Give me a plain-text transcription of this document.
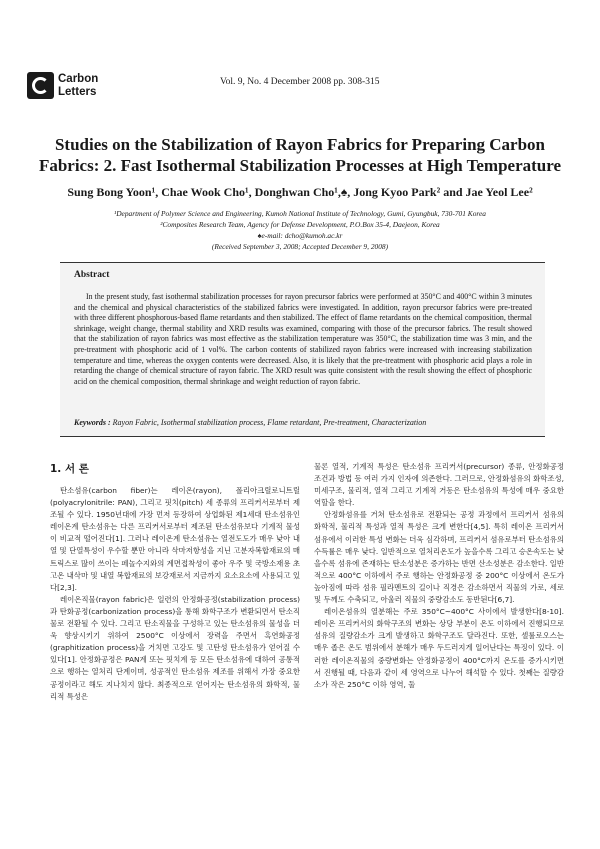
Carbon
Letters
Vol. 9, No. 4 December 2008 pp. 308-315
Studies on the Stabilization of Rayon Fabrics for Preparing Carbon
Fabrics: 2. Fast Isothermal Stabilization Processes at High Temperature
Sung Bong Yoon¹, Chae Wook Cho¹, Donghwan Cho¹,♠, Jong Kyoo Park² and Jae Yeol Lee²
¹Department of Polymer Science and Engineering, Kumoh National Institute of Technology, Gumi, Gyungbuk, 730-701 Korea
²Composites Research Team, Agency for Defense Development, P.O.Box 35-4, Daejeon, Korea
♠e-mail: dcho@kumoh.ac.kr
(Received September 3, 2008; Accepted December 9, 2008)
Abstract

In the present study, fast isothermal stabilization processes for rayon precursor fabrics were performed at 350°C and 400°C within 3 minutes and the chemical and physical characteristics of the stabilized fabrics were investigated. In addition, rayon precursor fabrics were pre-treated with three different phosphorous-based flame retardants and then stabilized. The effect of flame retardants on the chemical composition, thermal shrinkage, weight change, thermal stability and XRD results was examined, comparing with those of the precursor fabrics. The result showed that the stabilization of rayon fabrics was most effective as the stabilization temperature was 350°C, the stabilization time was 3 min, and the pre-treatment with phosphoric acid of 1 vol%. The carbon contents of stabilized rayon fabrics were increased with increasing stabilization temperature and time, whereas the oxygen contents were decreased. Also, it is likely that the pre-treatment with phosphoric acid plays a role in retarding the change of chemical structure of rayon fabric. The XRD result was quite consistent with the result showing the effect of phosphoric acid on the chemical composition, thermal shrinkage and weight reduction of rayon fabric.

Keywords : Rayon Fabric, Isothermal stabilization process, Flame retardant, Pre-treatment, Characterization
1. 서 론

탄소섬유(carbon fiber)는 레이온(rayon), 폴리아크릴로니트릴(polyacrylonitrile: PAN), 그리고 핏치(pitch) 세 종류의 프리커서로부터 제조될 수 있다. 1950년대에 가장 먼저 등장하여 상업화된 제1세대 탄소섬유인 레이온계 탄소섬유는 다른 프리커서로부터 제조된 탄소섬유보다 기계적 물성이 비교적 떨어진다[1]. 그러나 레이온계 탄소섬유는 열전도도가 매우 낮아 내열 및 단열특성이 우수할 뿐만 아니라 삭마저항성을 지닌 고분자복합재료의 매트릭스로 많이 쓰이는 페놀수지와의 계면접착성이 좋아 우주 및 국방소재용 초고온 내삭마 및 내열 복합재료의 보강재로서 지금까지 요소요소에 사용되고 있다[2,3].

레이온직물(rayon fabric)은 일련의 안정화공정(stabilization process)과 탄화공정(carbonization process)을 통해 화학구조가 변환되면서 탄소직물로 전환될 수 있다. 그리고 탄소직물을 구성하고 있는 탄소섬유의 물성을 더욱 향상시키기 위하여 2500°C 이상에서 장력을 주면서 흑연화공정(graphitization process)을 거치면 고강도 및 고탄성 탄소섬유가 얻어질 수 있다[1]. 안정화공정은 PAN계 또는 핏치계 등 모든 탄소섬유에 대하여 공통적으로 행하는 열처리 단계이며, 성공적인 탄소섬유 제조를 위해서 가장 중요한 공정이라고 해도 지나치지 않다. 최종적으로 얻어지는 탄소섬유의 화학적, 물리적 특성은

물론 열적, 기계적 특성은 탄소섬유 프리커서(precursor) 종류, 안정화공정 조건과 방법 등 여러 가지 인자에 의존한다. 그러므로, 안정화섬유의 화학조성, 미세구조, 물리적, 열적 그리고 기계적 거동은 탄소섬유의 특성에 매우 중요한 역할을 한다.

안정화섬유를 거쳐 탄소섬유로 전환되는 공정 과정에서 프리커서 섬유의 화학적, 물리적 특성과 열적 특성은 크게 변한다[4,5]. 특히 레이온 프리커서 섬유에서 이러한 특성 변화는 더욱 심각하며, 프리커서 섬유로부터 탄소섬유의 수득률은 매우 낮다. 일반적으로 열처리온도가 높을수록 그리고 승온속도는 낮을수록 섬유에 존재하는 탄소성분은 증가하는 반면 산소성분은 감소한다. 일반적으로 400°C 이하에서 주로 행하는 안정화공정 중 200°C 이상에서 온도가 높아짐에 따라 섬유 필라멘트의 길이나 직경은 감소하면서 직물의 가로, 세로 및 두께도 수축되고, 아울러 직물의 중량감소도 동반된다[6,7].

레이온섬유의 열분해는 주로 350°C~400°C 사이에서 발생한다[8-10]. 레이온 프리커서의 화학구조의 변화는 상당 부분이 온도 이하에서 진행되므로 섬유의 질량감소가 크게 발생하고 화학구조도 달라진다. 또한, 셀룰로오스는 매우 좁은 온도 범위에서 분해가 매우 두드러지게 일어난다는 특징이 있다. 이러한 레이온직물의 중량변화는 안정화공정이 400°C까지 온도를 증가시키면서 진행될 때, 다음과 같이 세 영역으로 나누어 해석할 수 있다. 첫째는 질량감소가 작은 250°C 이하 영역, 둘
